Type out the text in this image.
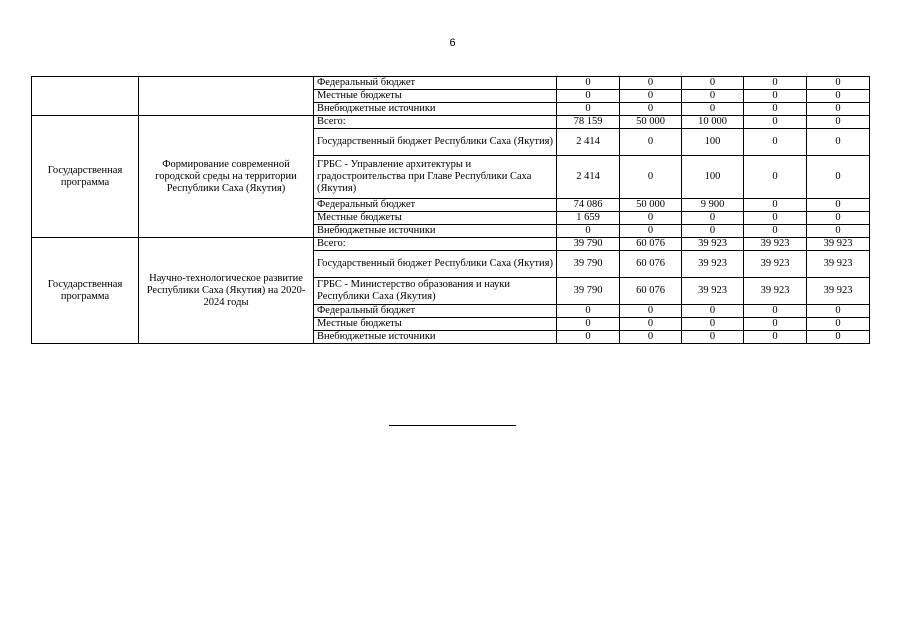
6
		Федеральный бюджет	0	0	0	0	0
		Местные бюджеты	0	0	0	0	0
		Внебюджетные источники	0	0	0	0	0
Государственная программа	Формирование современной городской среды на территории Республики Саха (Якутия)	Всего:	78 159	50 000	10 000	0	0
		Государственный бюджет Республики Саха (Якутия)	2 414	0	100	0	0
		ГРБС - Управление архитектуры и градостроительства при Главе Республики Саха (Якутия)	2 414	0	100	0	0
		Федеральный бюджет	74 086	50 000	9 900	0	0
		Местные бюджеты	1 659	0	0	0	0
		Внебюджетные источники	0	0	0	0	0
Государственная программа	Научно-технологическое развитие Республики Саха (Якутия) на 2020-2024 годы	Всего:	39 790	60 076	39 923	39 923	39 923
		Государственный бюджет Республики Саха (Якутия)	39 790	60 076	39 923	39 923	39 923
		ГРБС - Министерство образования и науки Республики Саха (Якутия)	39 790	60 076	39 923	39 923	39 923
		Федеральный бюджет	0	0	0	0	0
		Местные бюджеты	0	0	0	0	0
		Внебюджетные источники	0	0	0	0	0
